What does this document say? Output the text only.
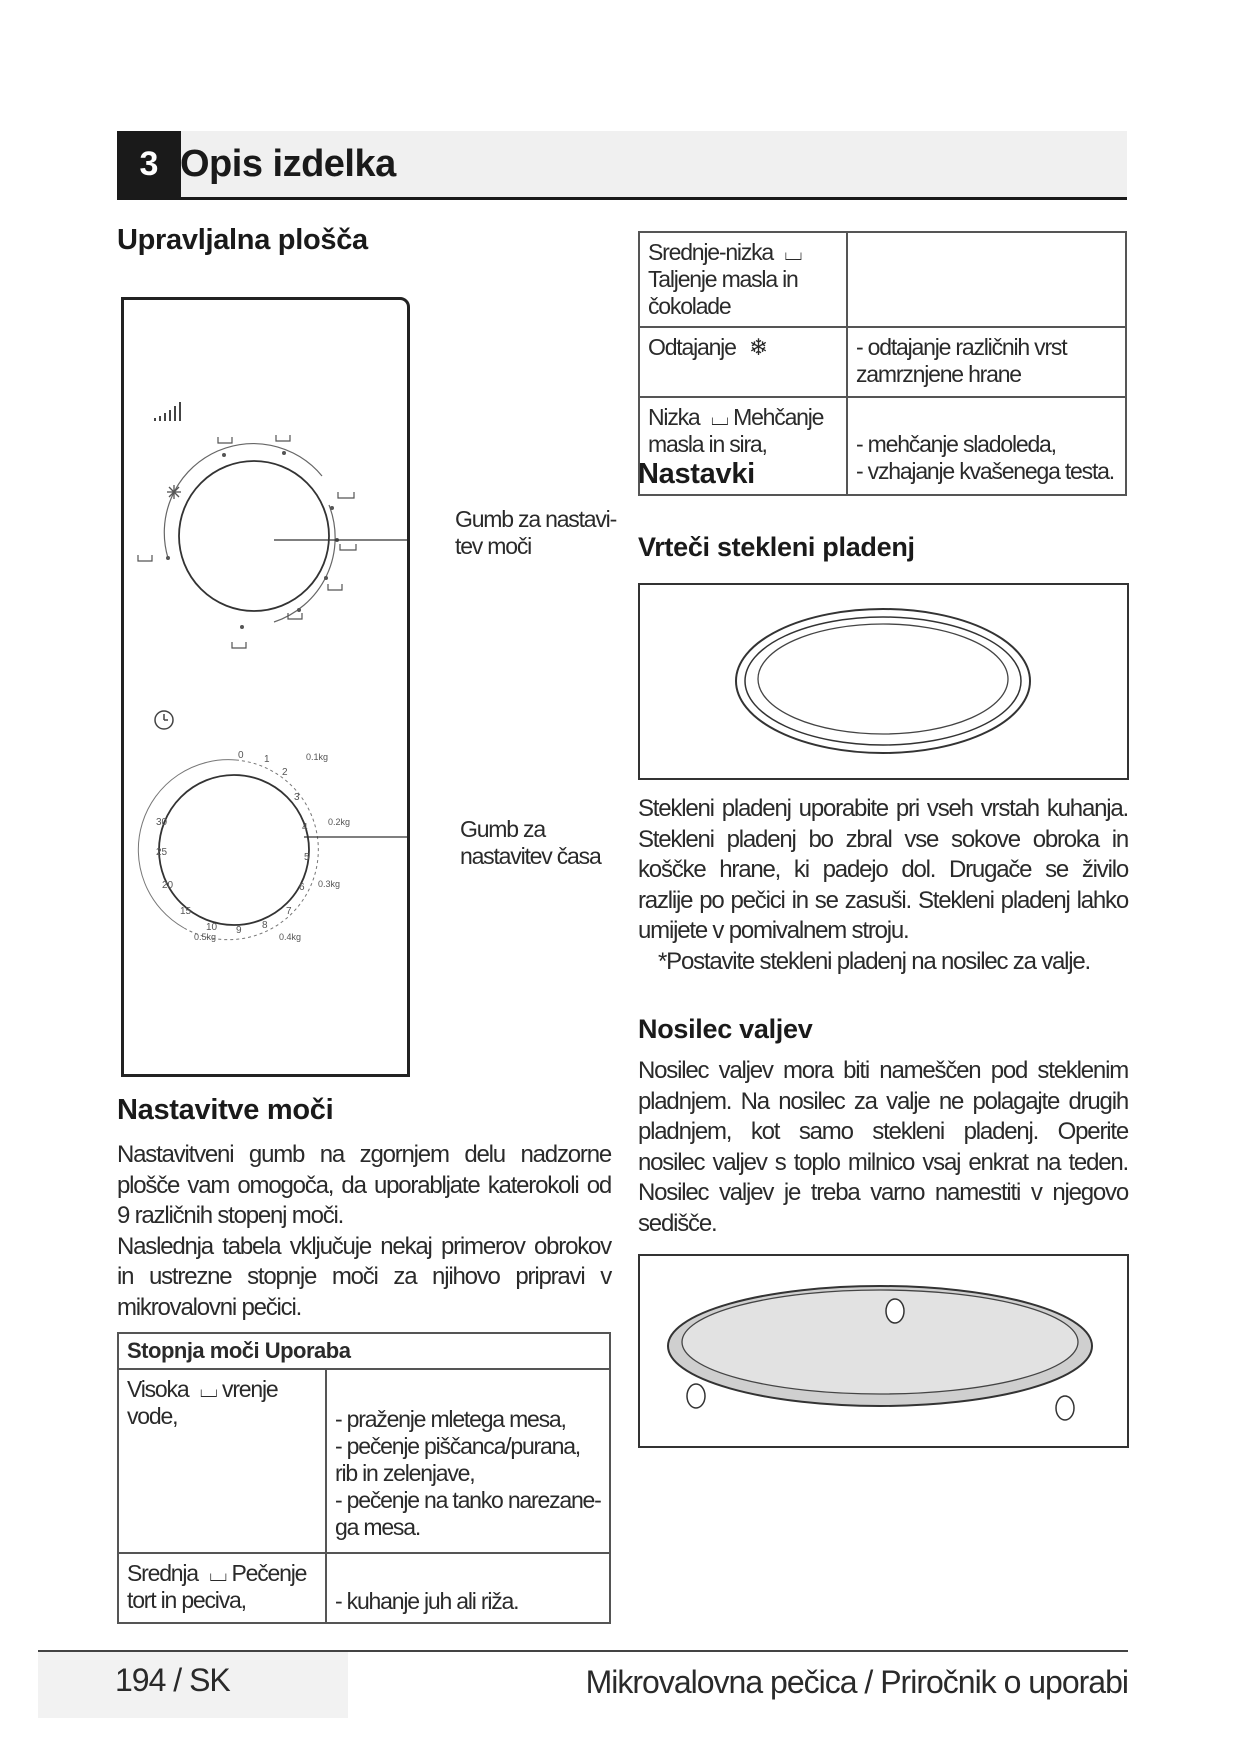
3 Opis izdelka
Upravljalna plošča
0 1
2
3
4
5
6
7
8
9
10
15
20
25
30
0.1kg
0.2kg
0.3kg
0.4kg
0.5kg
Gumb za nastavi-
tev moči
Gumb za
nastavitev časa
Nastavitve moči

Nastavitveni gumb na zgornjem delu nadzorne plošče vam omogoča, da uporabljate katerokoli od 9 različnih stopenj moči.

Naslednja tabela vključuje nekaj primerov obrokov in ustrezne stopnje moči za njihovo pripravi v mikrovalovni pečici.

Stopnja moči Uporaba	
Visoka ⌴ vrenje vode,	- praženje mletega mesa,
- pečenje piščanca/purana,
rib in zelenjave,
- pečenje na tanko narezane-
ga mesa.
Srednja ⌴ Pečenje tort in peciva,	- kuhanje juh ali riža.
Srednje-nizka ⌴ Taljenje masla in čokolade	
Odtajanje ❄	- odtajanje različnih vrst
zamrznjene hrane
Nizka ⌴ Mehčanje masla in sira,	- mehčanje sladoleda,
- vzhajanje kvašenega testa.
Nastavki
Vrteči stekleni pladenj
Stekleni pladenj uporabite pri vseh vrstah kuhanja. Stekleni pladenj bo zbral vse sokove obroka in koščke hrane, ki padejo dol. Drugače se živilo razlije po pečici in se zasuši. Stekleni pladenj lahko umijete v pomivalnem stroju.
*Postavite stekleni pladenj na nosilec za valje.
Nosilec valjev
Nosilec valjev mora biti nameščen pod steklenim pladnjem. Na nosilec za valje ne polagajte drugih pladnjem, kot samo stekleni pladenj. Operite nosilec valjev s toplo milnico vsaj enkrat na teden. Nosilec valjev je treba varno namestiti v njegovo sedišče.
194 / SK	Mikrovalovna pečica / Priročnik o uporabi
